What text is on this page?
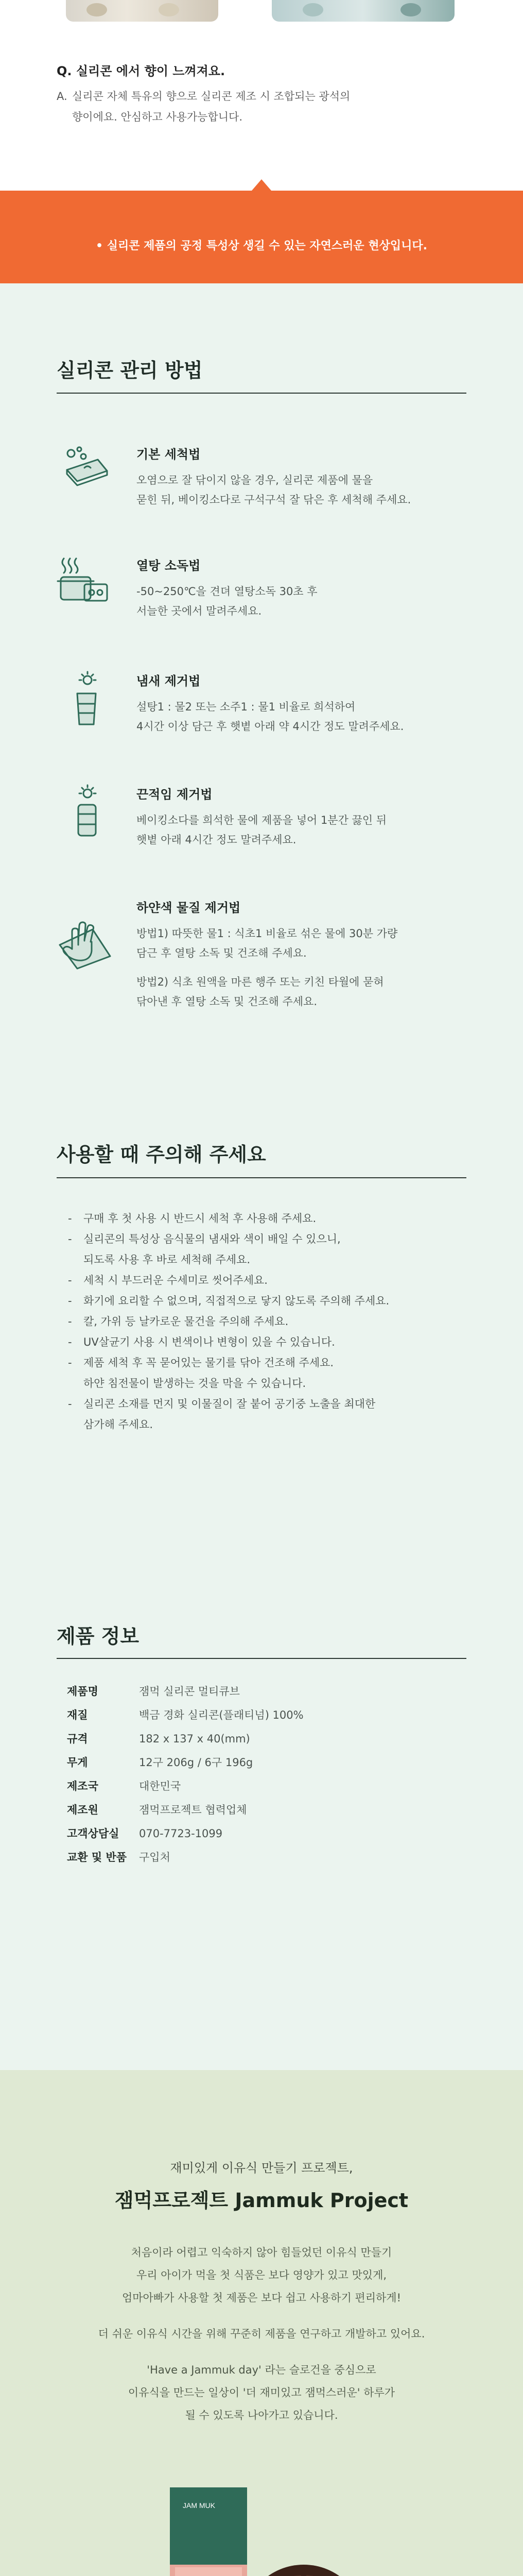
Q. 실리콘 에서 향이 느껴져요.

A. 실리콘 자체 특유의 향으로 실리콘 제조 시 조합되는 광석의
향이에요. 안심하고 사용가능합니다.
• 실리콘 제품의 공정 특성상 생길 수 있는 자연스러운 현상입니다.
실리콘 관리 방법
기본 세척법

오염으로 잘 닦이지 않을 경우, 실리콘 제품에 물을
묻힌 뒤, 베이킹소다로 구석구석 잘 닦은 후 세척해 주세요.

열탕 소독법

-50~250℃을 견뎌 열탕소독 30초 후
서늘한 곳에서 말려주세요.

냄새 제거법

설탕1 : 물2 또는 소주1 : 물1 비율로 희석하여
4시간 이상 담근 후 햇볕 아래 약 4시간 정도 말려주세요.

끈적임 제거법

베이킹소다를 희석한 물에 제품을 넣어 1분간 끓인 뒤
햇볕 아래 4시간 정도 말려주세요.

하얀색 물질 제거법

방법1) 따뜻한 물1 : 식초1 비율로 섞은 물에 30분 가량
담근 후 열탕 소독 및 건조해 주세요.

방법2) 식초 원액을 마른 행주 또는 키친 타월에 묻혀
닦아낸 후 열탕 소독 및 건조해 주세요.

사용할 때 주의해 주세요
- 구매 후 첫 사용 시 반드시 세척 후 사용해 주세요.
- 실리콘의 특성상 음식물의 냄새와 색이 배일 수 있으니,
되도록 사용 후 바로 세척해 주세요.
- 세척 시 부드러운 수세미로 씻어주세요.
- 화기에 요리할 수 없으며, 직접적으로 닿지 않도록 주의해 주세요.
- 칼, 가위 등 날카로운 물건을 주의해 주세요.
- UV살균기 사용 시 변색이나 변형이 있을 수 있습니다.
- 제품 세척 후 꼭 묻어있는 물기를 닦아 건조해 주세요.
하얀 침전물이 발생하는 것을 막을 수 있습니다.
- 실리콘 소재를 먼지 및 이물질이 잘 붙어 공기중 노출을 최대한
삼가해 주세요.
제품 정보
제품명	잼먹 실리콘 멀티큐브
재질	백금 경화 실리콘(플래티넘) 100%
규격	182 x 137 x 40(mm)
무게	12구 206g / 6구 196g
제조국	대한민국
제조원	잼먹프로젝트 협력업체
고객상담실	070-7723-1099
교환 및 반품	구입처
재미있게 이유식 만들기 프로젝트,
잼먹프로젝트 Jammuk Project
처음이라 어렵고 익숙하지 않아 힘들었던 이유식 만들기
우리 아이가 먹을 첫 식품은 보다 영양가 있고 맛있게,
엄마아빠가 사용할 첫 제품은 보다 쉽고 사용하기 편리하게!
더 쉬운 이유식 시간을 위해 꾸준히 제품을 연구하고 개발하고 있어요.
'Have a Jammuk day' 라는 슬로건을 중심으로
이유식을 만드는 일상이 '더 재미있고 잼먹스러운' 하루가
될 수 있도록 나아가고 있습니다.
JAM MUK
